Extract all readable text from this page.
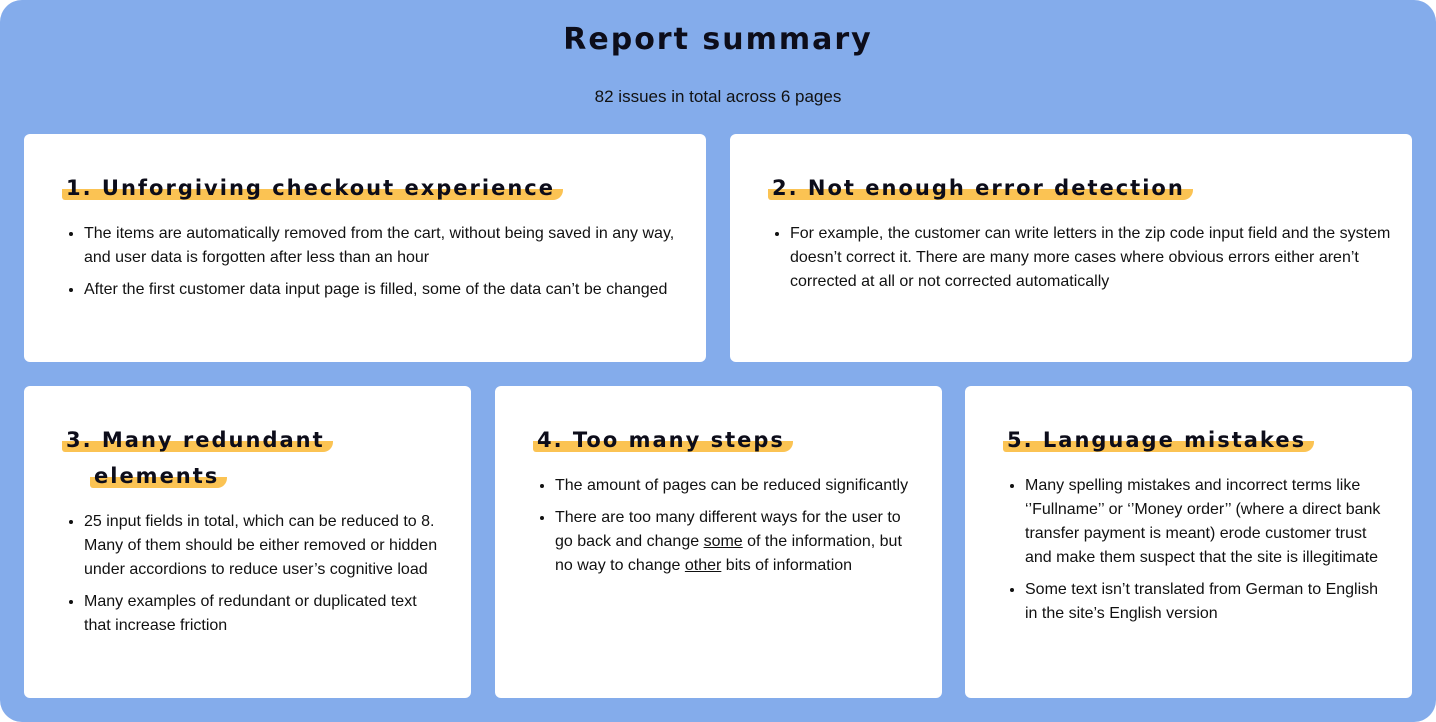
Report summary
82 issues in total across 6 pages
1. Unforgiving checkout experience
• The items are automatically removed from the cart, without being saved in any way, and user data is forgotten after less than an hour
• After the first customer data input page is filled, some of the data can’t be changed
2. Not enough error detection
• For example, the customer can write letters in the zip code input field and the system doesn’t correct it. There are many more cases where obvious errors either aren’t corrected at all or not corrected automatically
3. Many redundant
elements
• 25 input fields in total, which can be reduced to 8. Many of them should be either removed or hidden under accordions to reduce user’s cognitive load
• Many examples of redundant or duplicated text that increase friction
4. Too many steps
• The amount of pages can be reduced significantly
• There are too many different ways for the user to go back and change some of the information, but no way to change other bits of information
5. Language mistakes
• Many spelling mistakes and incorrect terms like ‘’Fullname’’ or ‘’Money order’’ (where a direct bank transfer payment is meant) erode customer trust and make them suspect that the site is illegitimate
• Some text isn’t translated from German to English in the site’s English version
